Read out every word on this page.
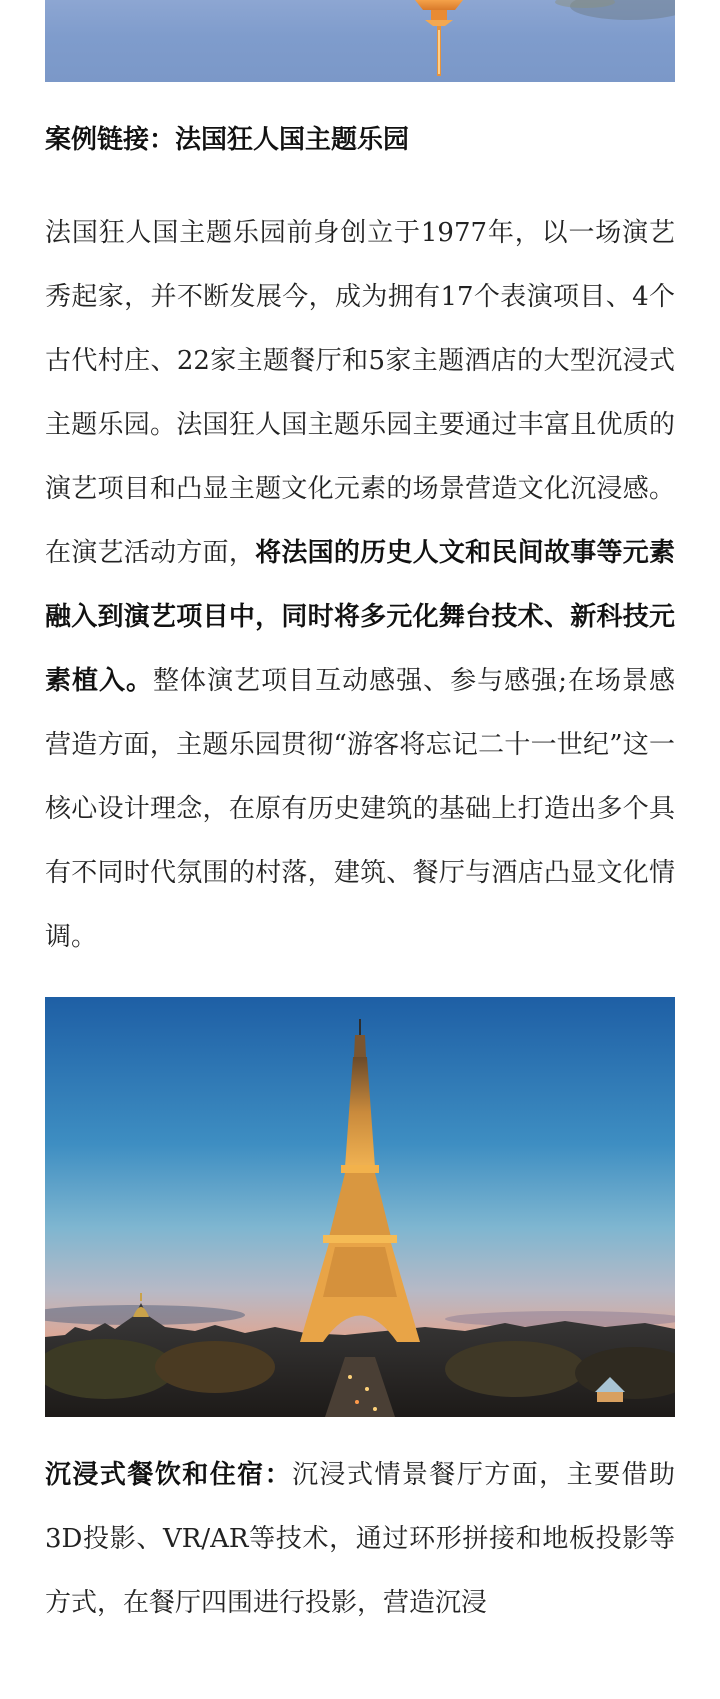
案例链接：法国狂人国主题乐园

法国狂人国主题乐园前身创立于1977年，以一场演艺秀起家，并不断发展今，成为拥有17个表演项目、4个古代村庄、22家主题餐厅和5家主题酒店的大型沉浸式主题乐园。法国狂人国主题乐园主要通过丰富且优质的演艺项目和凸显主题文化元素的场景营造文化沉浸感。在演艺活动方面，将法国的历史人文和民间故事等元素融入到演艺项目中，同时将多元化舞台技术、新科技元素植入。整体演艺项目互动感强、参与感强;在场景感营造方面，主题乐园贯彻“游客将忘记二十一世纪”这一核心设计理念，在原有历史建筑的基础上打造出多个具有不同时代氛围的村落，建筑、餐厅与酒店凸显文化情调。

沉浸式餐饮和住宿：沉浸式情景餐厅方面，主要借助3D投影、VR/AR等技术，通过环形拼接和地板投影等方式，在餐厅四围进行投影，营造沉浸
